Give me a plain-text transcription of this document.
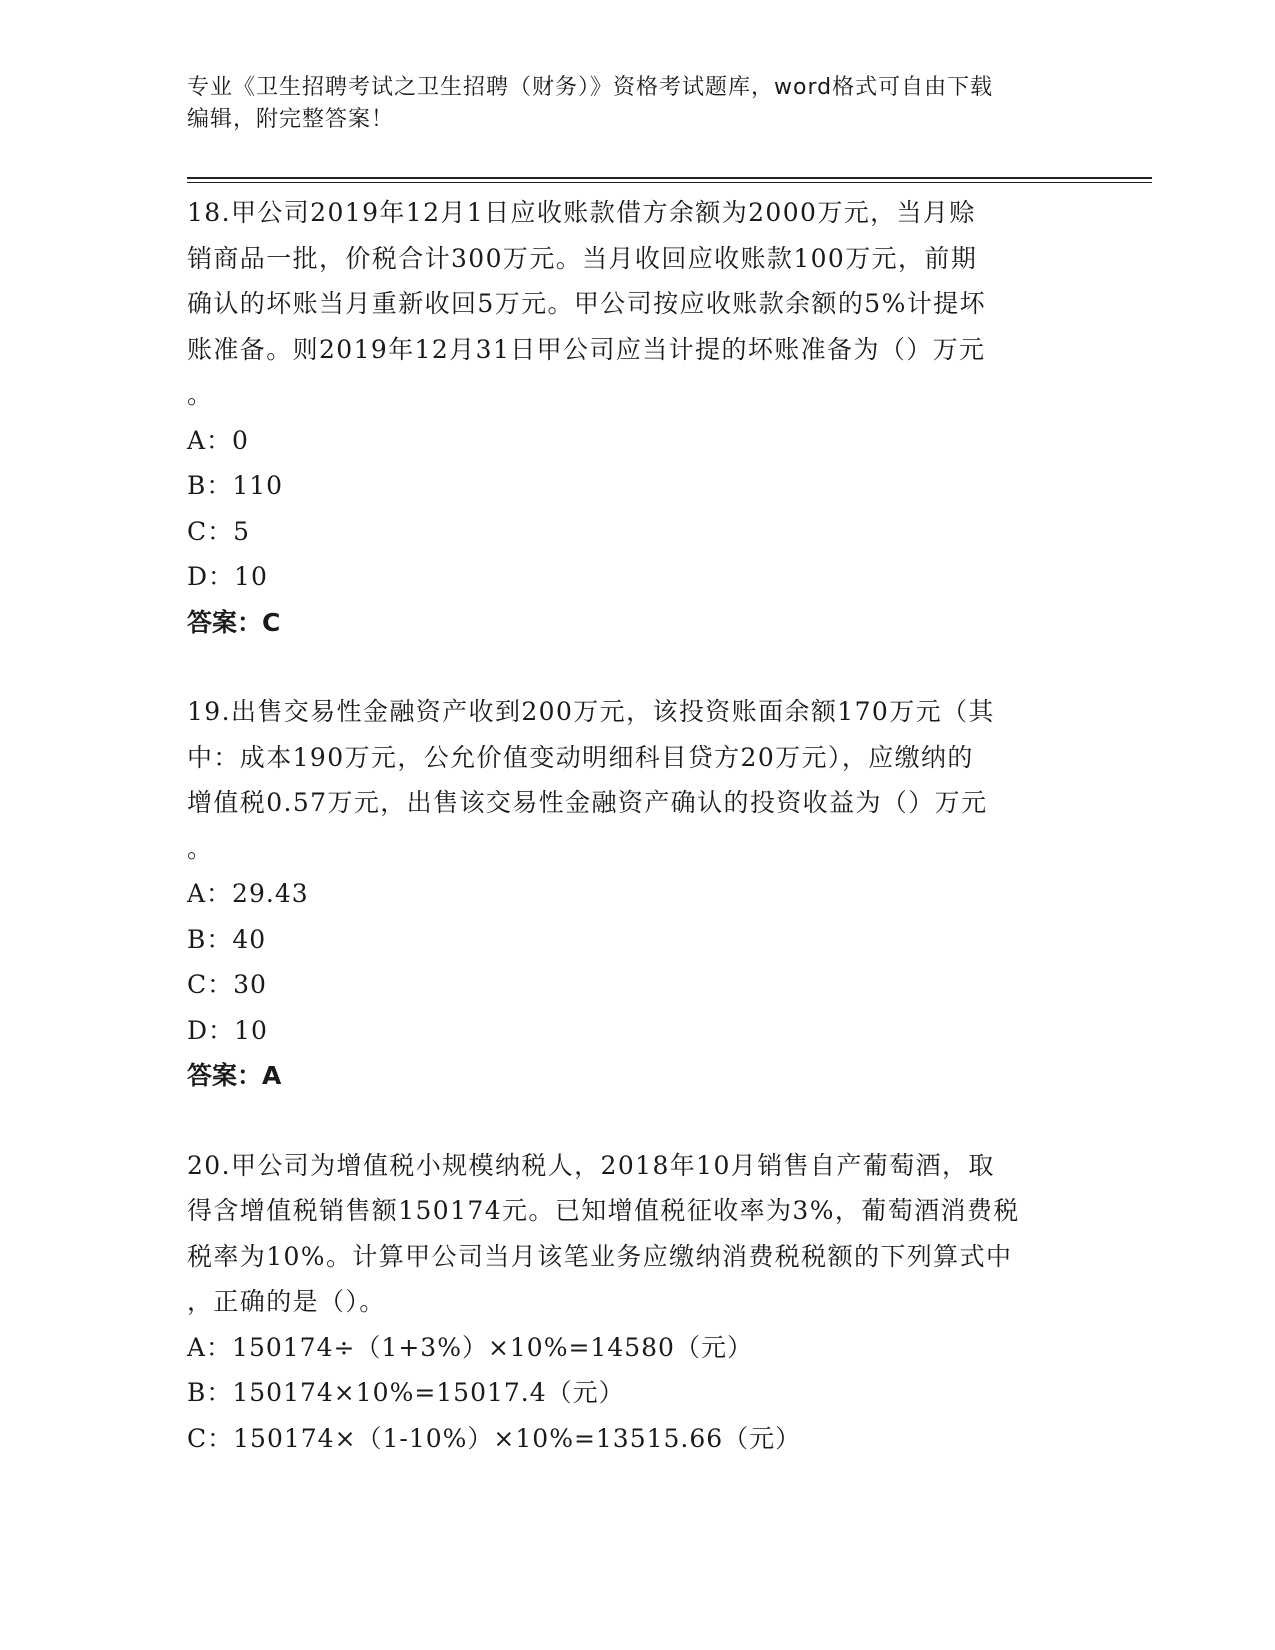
专业《卫生招聘考试之卫生招聘（财务）》资格考试题库，word格式可自由下载
编辑，附完整答案！

18.甲公司2019年12月1日应收账款借方余额为2000万元，当月赊

销商品一批，价税合计300万元。当月收回应收账款100万元，前期

确认的坏账当月重新收回5万元。甲公司按应收账款余额的5%计提坏

账准备。则2019年12月31日甲公司应当计提的坏账准备为（）万元

。

A：0

B：110

C：5

D：10

答案：C

19.出售交易性金融资产收到200万元，该投资账面余额170万元（其

中：成本190万元，公允价值变动明细科目贷方20万元），应缴纳的

增值税0.57万元，出售该交易性金融资产确认的投资收益为（）万元

。

A：29.43

B：40

C：30

D：10

答案：A

20.甲公司为增值税小规模纳税人，2018年10月销售自产葡萄酒，取

得含增值税销售额150174元。已知增值税征收率为3%，葡萄酒消费税

税率为10%。计算甲公司当月该笔业务应缴纳消费税税额的下列算式中

，正确的是（）。

A：150174÷（1+3%）×10%=14580（元）

B：150174×10%=15017.4（元）

C：150174×（1-10%）×10%=13515.66（元）
